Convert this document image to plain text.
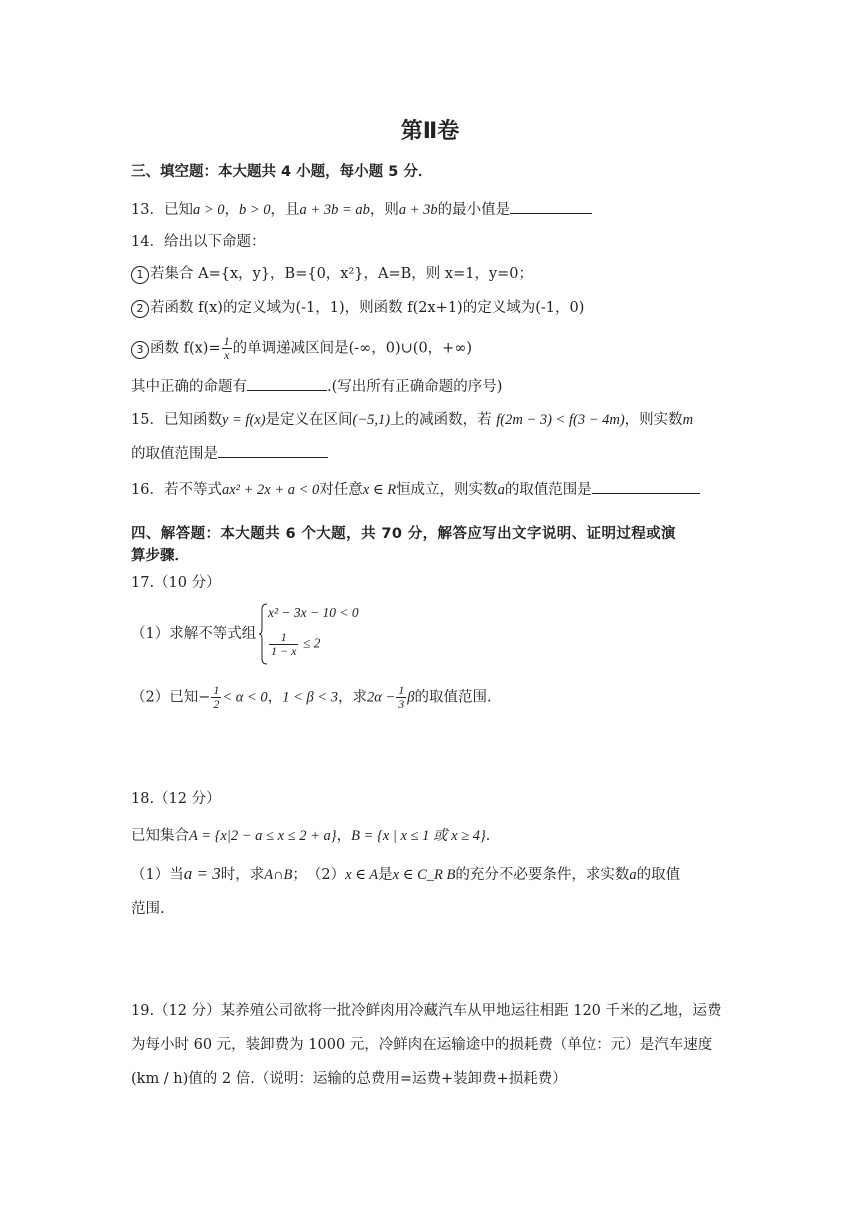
第Ⅱ卷
三、填空题：本大题共 4 小题，每小题 5 分．
13．已知a > 0，b > 0，且a + 3b = ab，则a + 3b的最小值是
14．给出以下命题：
1 若集合 A={x，y}，B={0，x²}，A=B，则 x=1，y=0；
2 若函数 f(x)的定义域为(-1，1)，则函数 f(2x+1)的定义域为(-1，0)
3 函数 $f(x)= \frac{1}{x}$ 的单调递减区间是(-∞，0)∪(0，+∞)
其中正确的命题有	.(写出所有正确命题的序号)
15．已知函数y = f(x)是定义在区间(−5,1)上的减函数，若 f(2m − 3) < f(3 − 4m)，则实数m
的取值范围是
16．若不等式ax² + 2x + a < 0对任意x ∈ R恒成立，则实数a的取值范围是
四、解答题：本大题共 6 个大题，共 70 分，解答应写出文字说明、证明过程或演
算步骤．
17.（10 分）
（1）求解不等式组
x² − 3x − 10 < 0
$\frac{1}{1 - x} \le 2$
（2）已知− $\frac{1}{2} < \alpha < 0$，1 < β < 3，求$2\alpha - \frac{1}{3}$ β的取值范围.
18.（12 分）
已知集合A = {x|2 − a ≤ x ≤ 2 + a}，B = {x | x ≤ 1 或 x ≥ 4}．
（1）当a = 3时，求A∩B；　（2）x ∈ A是x ∈ C_R B的充分不必要条件，求实数a的取值
范围.
19.（12 分）某养殖公司欲将一批冷鲜肉用冷藏汽车从甲地运往相距 120 千米的乙地，运费
为每小时 60 元，装卸费为 1000 元，冷鲜肉在运输途中的损耗费（单位：元）是汽车速度
(km / h)值的 2 倍.（说明：运输的总费用=运费+装卸费+损耗费）
